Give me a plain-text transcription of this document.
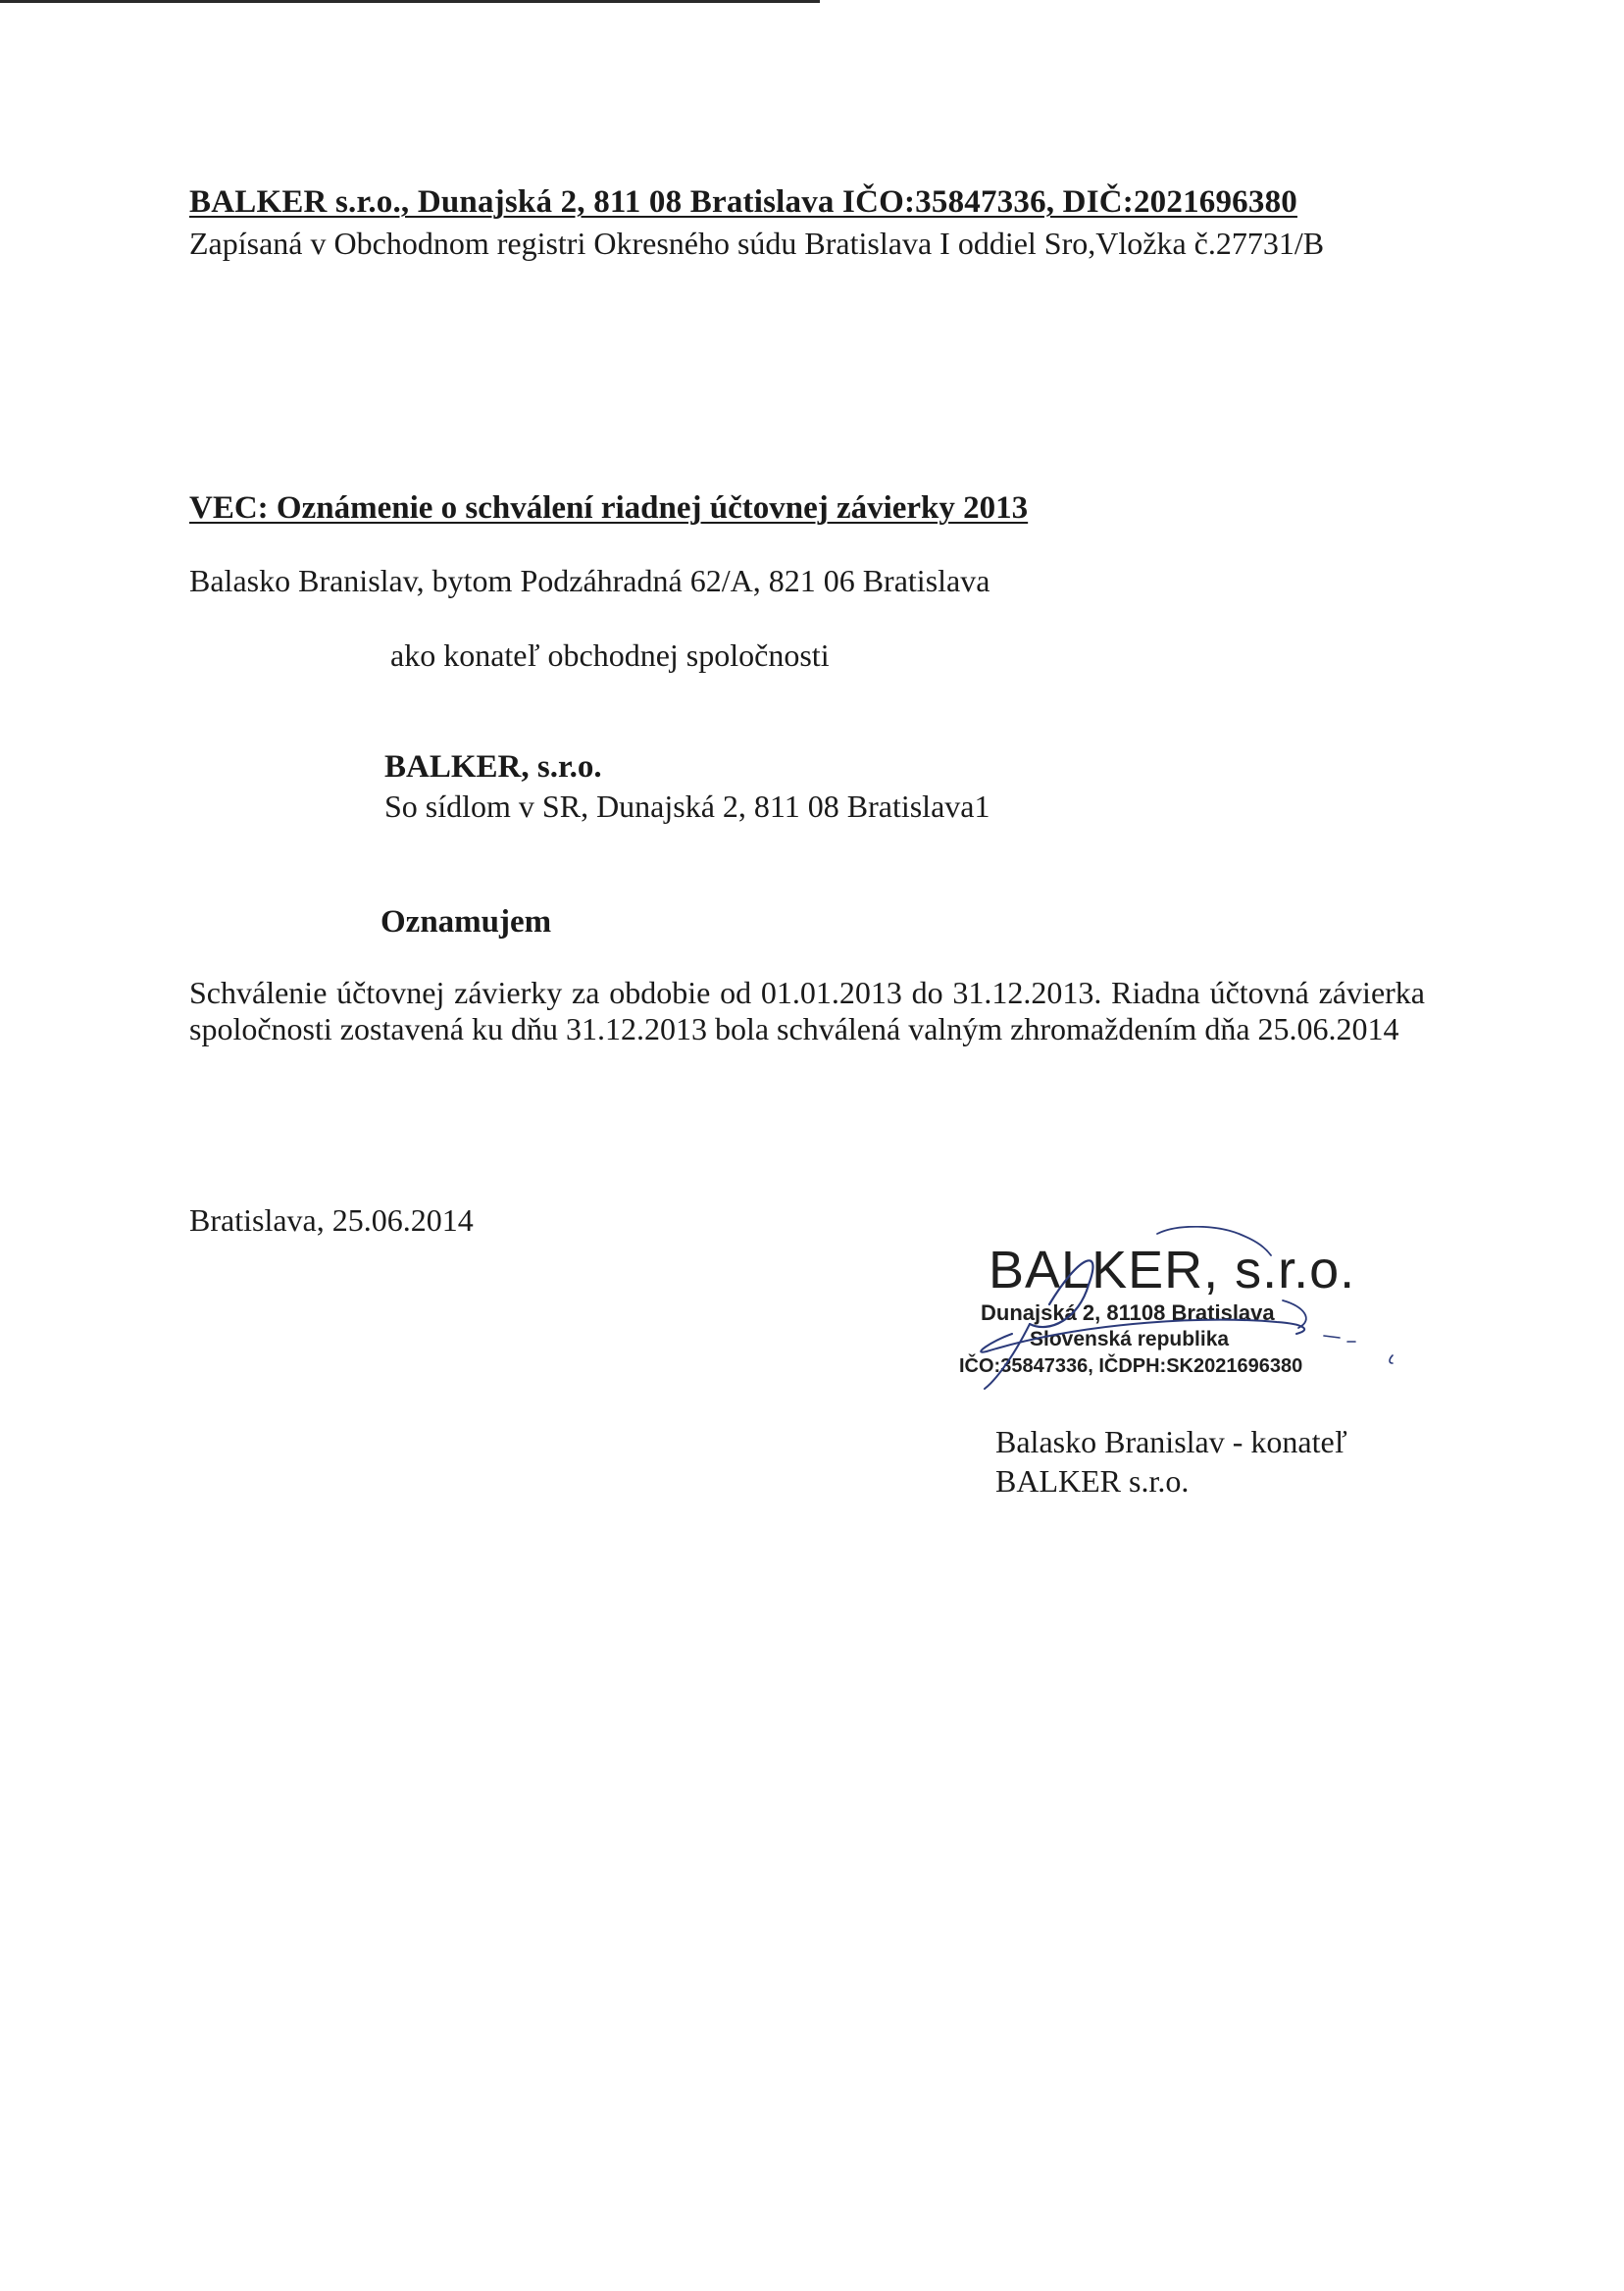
BALKER s.r.o., Dunajská 2, 811 08 Bratislava IČO:35847336, DIČ:2021696380
Zapísaná v Obchodnom registri Okresného súdu Bratislava I oddiel Sro,Vložka č.27731/B
VEC: Oznámenie o schválení riadnej účtovnej závierky 2013
Balasko Branislav, bytom Podzáhradná 62/A, 821 06 Bratislava
ako konateľ obchodnej spoločnosti
BALKER, s.r.o.
So sídlom v SR, Dunajská 2, 811 08 Bratislava1
Oznamujem
Schválenie účtovnej závierky za obdobie od 01.01.2013 do 31.12.2013. Riadna účtovná závierka spoločnosti zostavená ku dňu 31.12.2013 bola schválená valným zhromaždením dňa 25.06.2014
Bratislava, 25.06.2014
BALKER, s.r.o.
Dunajská 2, 81108 Bratislava
Slovenská republika
IČO:35847336, IČDPH:SK2021696380
Balasko Branislav - konateľ
BALKER s.r.o.
